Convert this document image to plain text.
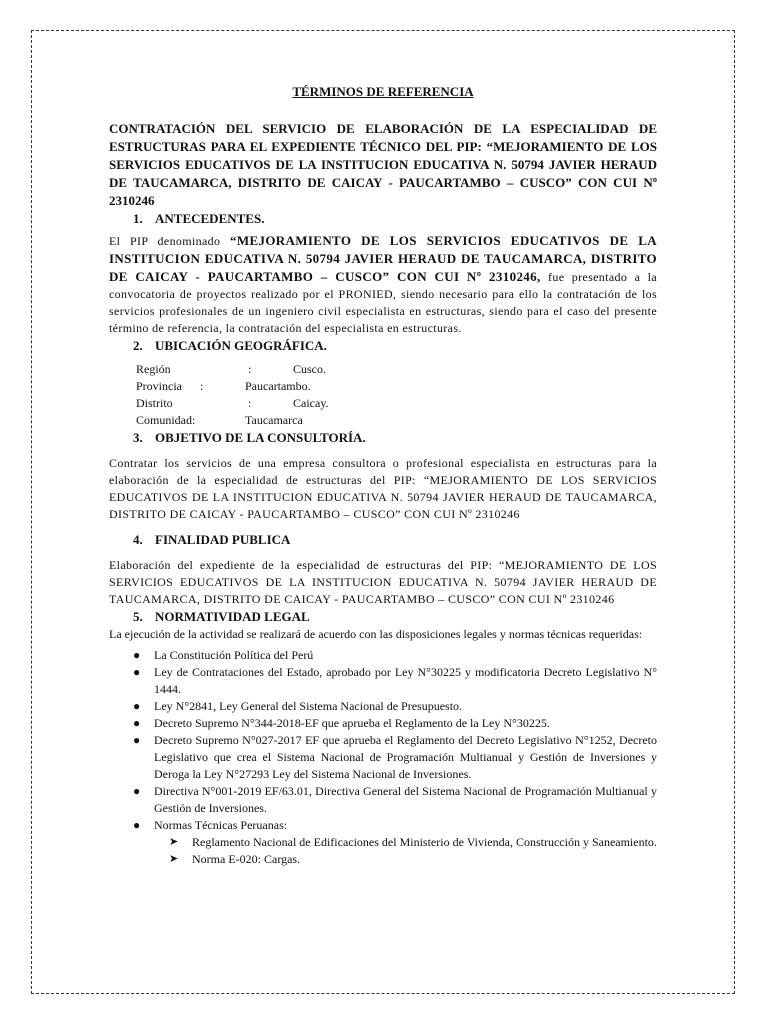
TÉRMINOS DE REFERENCIA

CONTRATACIÓN DEL SERVICIO DE ELABORACIÓN DE LA ESPECIALIDAD DE ESTRUCTURAS PARA EL EXPEDIENTE TÉCNICO DEL PIP: “MEJORAMIENTO DE LOS SERVICIOS EDUCATIVOS DE LA INSTITUCION EDUCATIVA N. 50794 JAVIER HERAUD DE TAUCAMARCA, DISTRITO DE CAICAY - PAUCARTAMBO – CUSCO” CON CUI Nº 2310246

1. ANTECEDENTES.

El PIP denominado “MEJORAMIENTO DE LOS SERVICIOS EDUCATIVOS DE LA INSTITUCION EDUCATIVA N. 50794 JAVIER HERAUD DE TAUCAMARCA, DISTRITO DE CAICAY - PAUCARTAMBO – CUSCO” CON CUI Nº 2310246, fue presentado a la convocatoria de proyectos realizado por el PRONIED, siendo necesario para ello la contratación de los servicios profesionales de un ingeniero civil especialista en estructuras, siendo para el caso del presente término de referencia, la contratación del especialista en estructuras.

2. UBICACIÓN GEOGRÁFICA.
Región	:	Cusco.
Provincia	:	Paucartambo.
Distrito	:	Caicay.
Comunidad:	Taucamarca
3. OBJETIVO DE LA CONSULTORÍA.

Contratar los servicios de una empresa consultora o profesional especialista en estructuras para la elaboración de la especialidad de estructuras del PIP: “MEJORAMIENTO DE LOS SERVICIOS EDUCATIVOS DE LA INSTITUCION EDUCATIVA N. 50794 JAVIER HERAUD DE TAUCAMARCA, DISTRITO DE CAICAY - PAUCARTAMBO – CUSCO” CON CUI Nº 2310246

4. FINALIDAD PUBLICA

Elaboración del expediente de la especialidad de estructuras del PIP: “MEJORAMIENTO DE LOS SERVICIOS EDUCATIVOS DE LA INSTITUCION EDUCATIVA N. 50794 JAVIER HERAUD DE TAUCAMARCA, DISTRITO DE CAICAY - PAUCARTAMBO – CUSCO” CON CUI Nº 2310246

5. NORMATIVIDAD LEGAL

La ejecución de la actividad se realizará de acuerdo con las disposiciones legales y normas técnicas requeridas:

● La Constitución Política del Perú
● Ley de Contrataciones del Estado, aprobado por Ley N°30225 y modificatoria Decreto Legislativo N° 1444.
● Ley N°2841, Ley General del Sistema Nacional de Presupuesto.
● Decreto Supremo N°344-2018-EF que aprueba el Reglamento de la Ley N°30225.
● Decreto Supremo N°027-2017 EF que aprueba el Reglamento del Decreto Legislativo N°1252, Decreto Legislativo que crea el Sistema Nacional de Programación Multianual y Gestión de Inversiones y Deroga la Ley N°27293 Ley del Sistema Nacional de Inversiones.
● Directiva N°001-2019 EF/63.01, Directiva General del Sistema Nacional de Programación Multianual y Gestión de Inversiones.
● Normas Técnicas Peruanas:
➤ Reglamento Nacional de Edificaciones del Ministerio de Vivienda, Construcción y Saneamiento.
➤ Norma E-020: Cargas.
